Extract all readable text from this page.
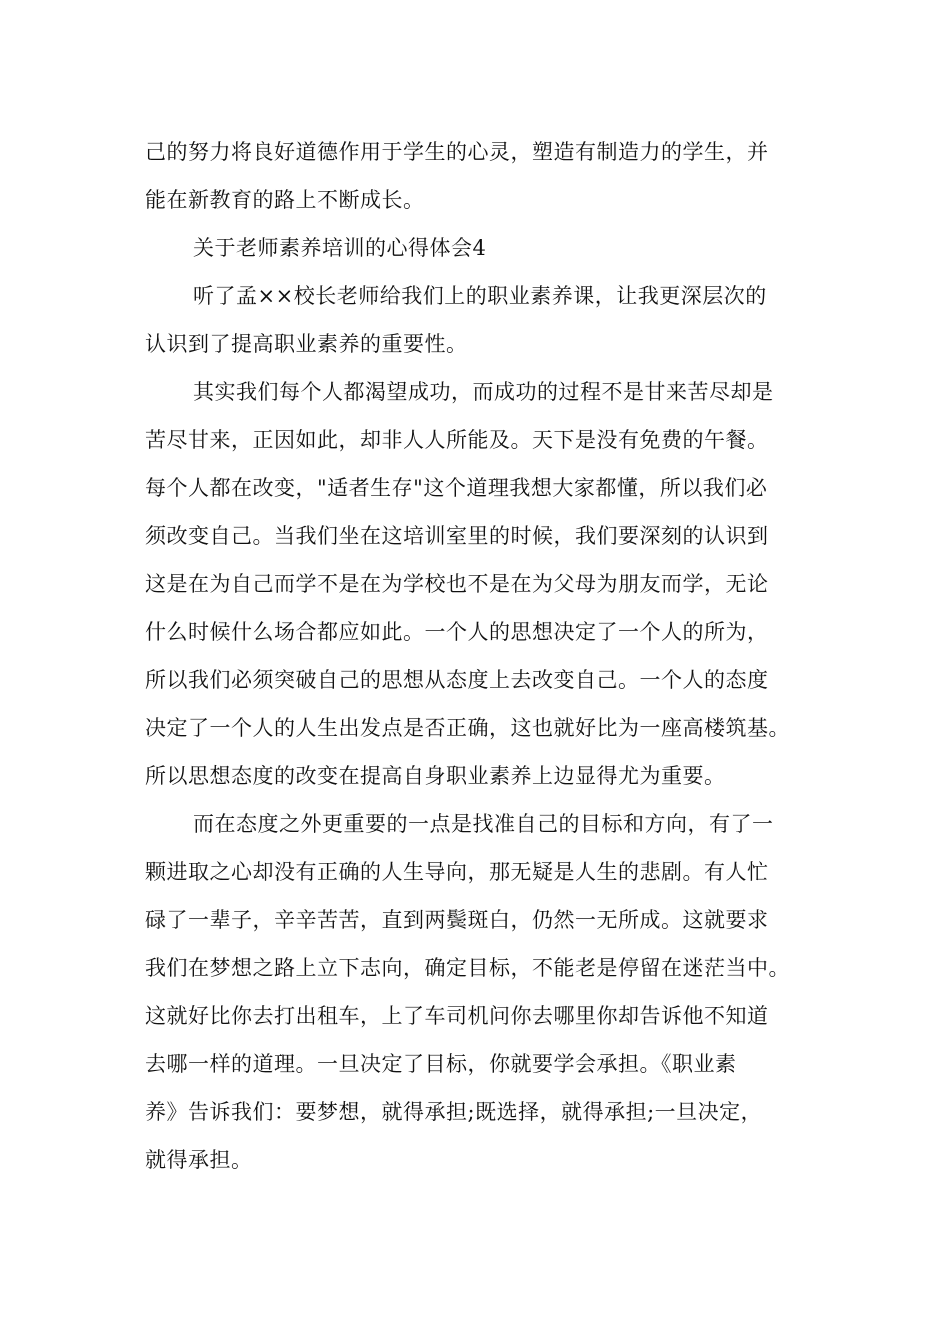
己的努力将良好道德作用于学生的心灵，塑造有制造力的学生，并
能在新教育的路上不断成长。

关于老师素养培训的心得体会4

听了孟××校长老师给我们上的职业素养课，让我更深层次的
认识到了提高职业素养的重要性。

其实我们每个人都渴望成功，而成功的过程不是甘来苦尽却是
苦尽甘来，正因如此，却非人人所能及。天下是没有免费的午餐。
每个人都在改变，"适者生存"这个道理我想大家都懂，所以我们必
须改变自己。当我们坐在这培训室里的时候，我们要深刻的认识到
这是在为自己而学不是在为学校也不是在为父母为朋友而学，无论
什么时候什么场合都应如此。一个人的思想决定了一个人的所为，
所以我们必须突破自己的思想从态度上去改变自己。一个人的态度
决定了一个人的人生出发点是否正确，这也就好比为一座高楼筑基。
所以思想态度的改变在提高自身职业素养上边显得尤为重要。

而在态度之外更重要的一点是找准自己的目标和方向，有了一
颗进取之心却没有正确的人生导向，那无疑是人生的悲剧。有人忙
碌了一辈子，辛辛苦苦，直到两鬓斑白，仍然一无所成。这就要求
我们在梦想之路上立下志向，确定目标，不能老是停留在迷茫当中。
这就好比你去打出租车，上了车司机问你去哪里你却告诉他不知道
去哪一样的道理。一旦决定了目标，你就要学会承担。《职业素
养》告诉我们：要梦想，就得承担;既选择，就得承担;一旦决定，
就得承担。
